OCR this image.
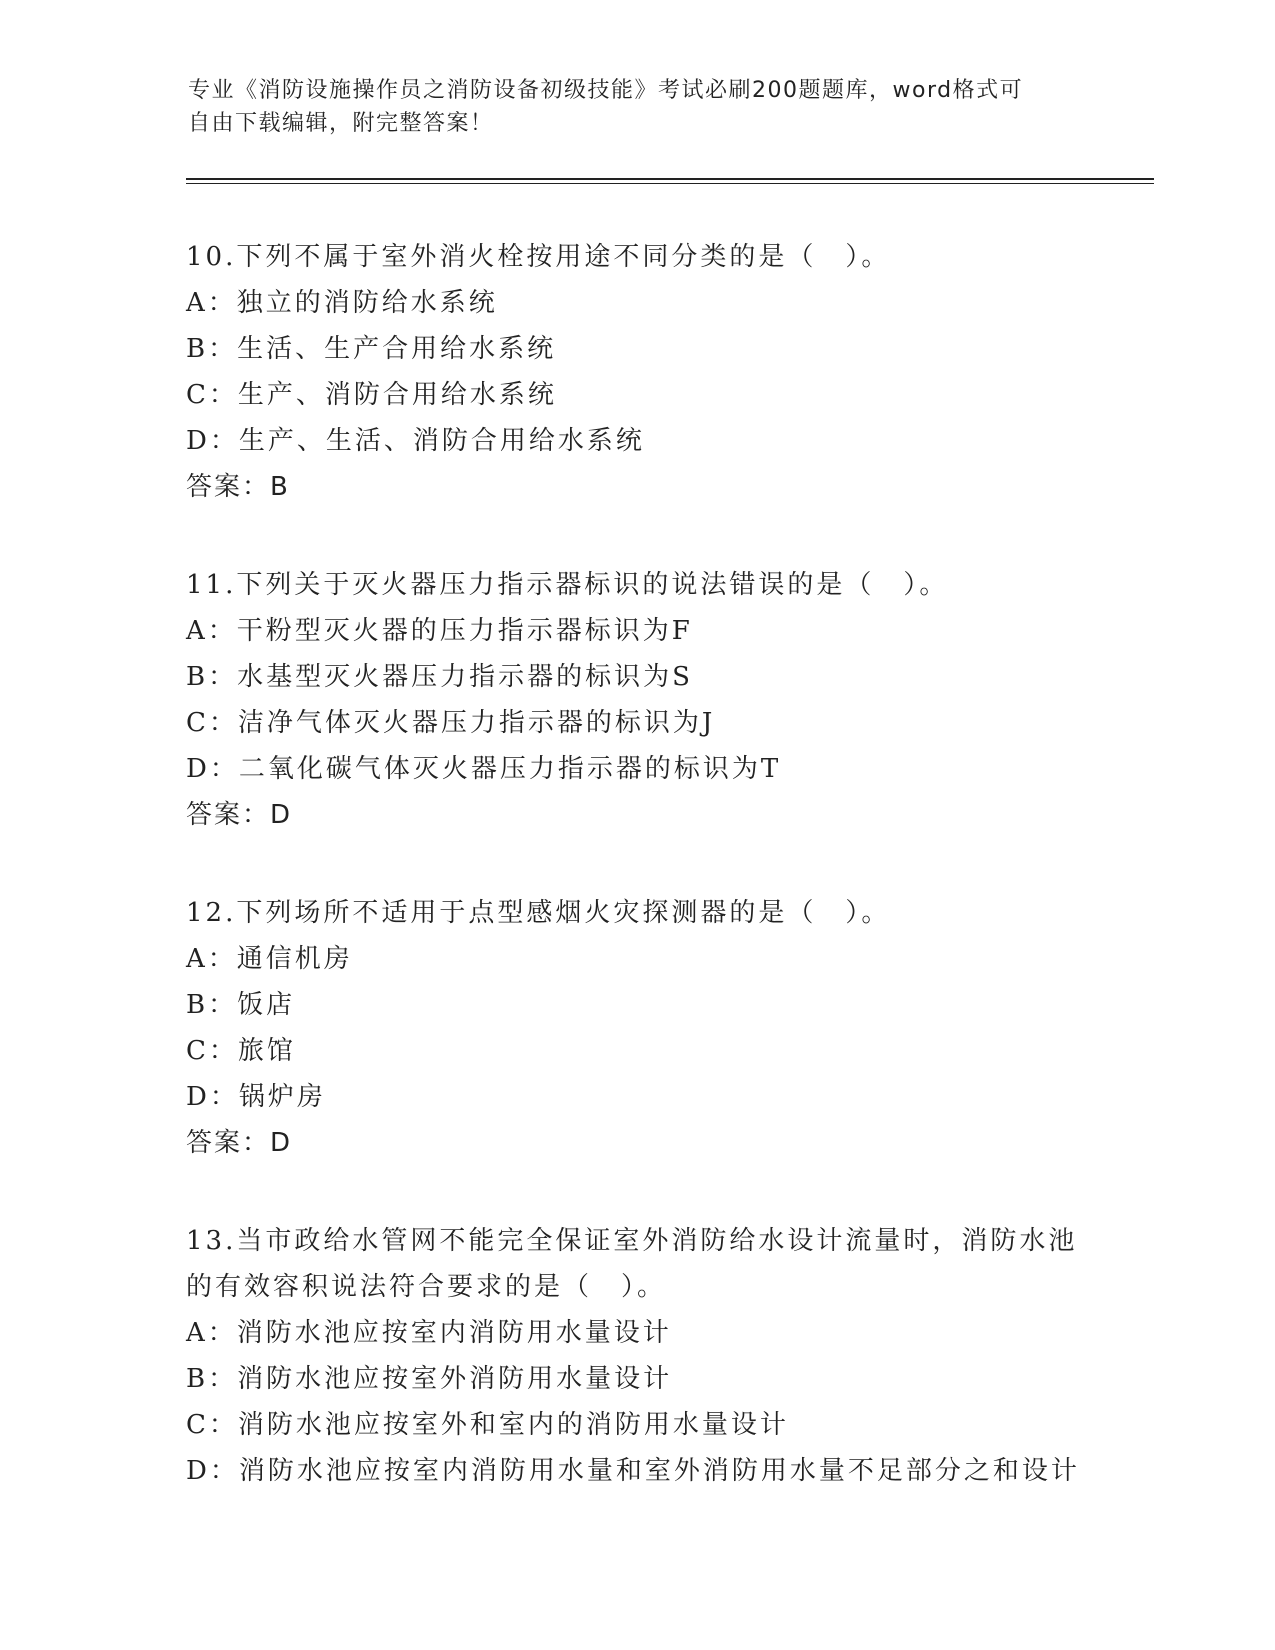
专业《消防设施操作员之消防设备初级技能》考试必刷200题题库，word格式可
自由下载编辑，附完整答案！
10.下列不属于室外消火栓按用途不同分类的是（　）。
A：独立的消防给水系统
B：生活、生产合用给水系统
C：生产、消防合用给水系统
D：生产、生活、消防合用给水系统
答案：B
11.下列关于灭火器压力指示器标识的说法错误的是（　）。
A：干粉型灭火器的压力指示器标识为F
B：水基型灭火器压力指示器的标识为S
C：洁净气体灭火器压力指示器的标识为J
D：二氧化碳气体灭火器压力指示器的标识为T
答案：D
12.下列场所不适用于点型感烟火灾探测器的是（　）。
A：通信机房
B：饭店
C：旅馆
D：锅炉房
答案：D
13.当市政给水管网不能完全保证室外消防给水设计流量时，消防水池的有效容积说法符合要求的是（　）。
A：消防水池应按室内消防用水量设计
B：消防水池应按室外消防用水量设计
C：消防水池应按室外和室内的消防用水量设计
D：消防水池应按室内消防用水量和室外消防用水量不足部分之和设计
